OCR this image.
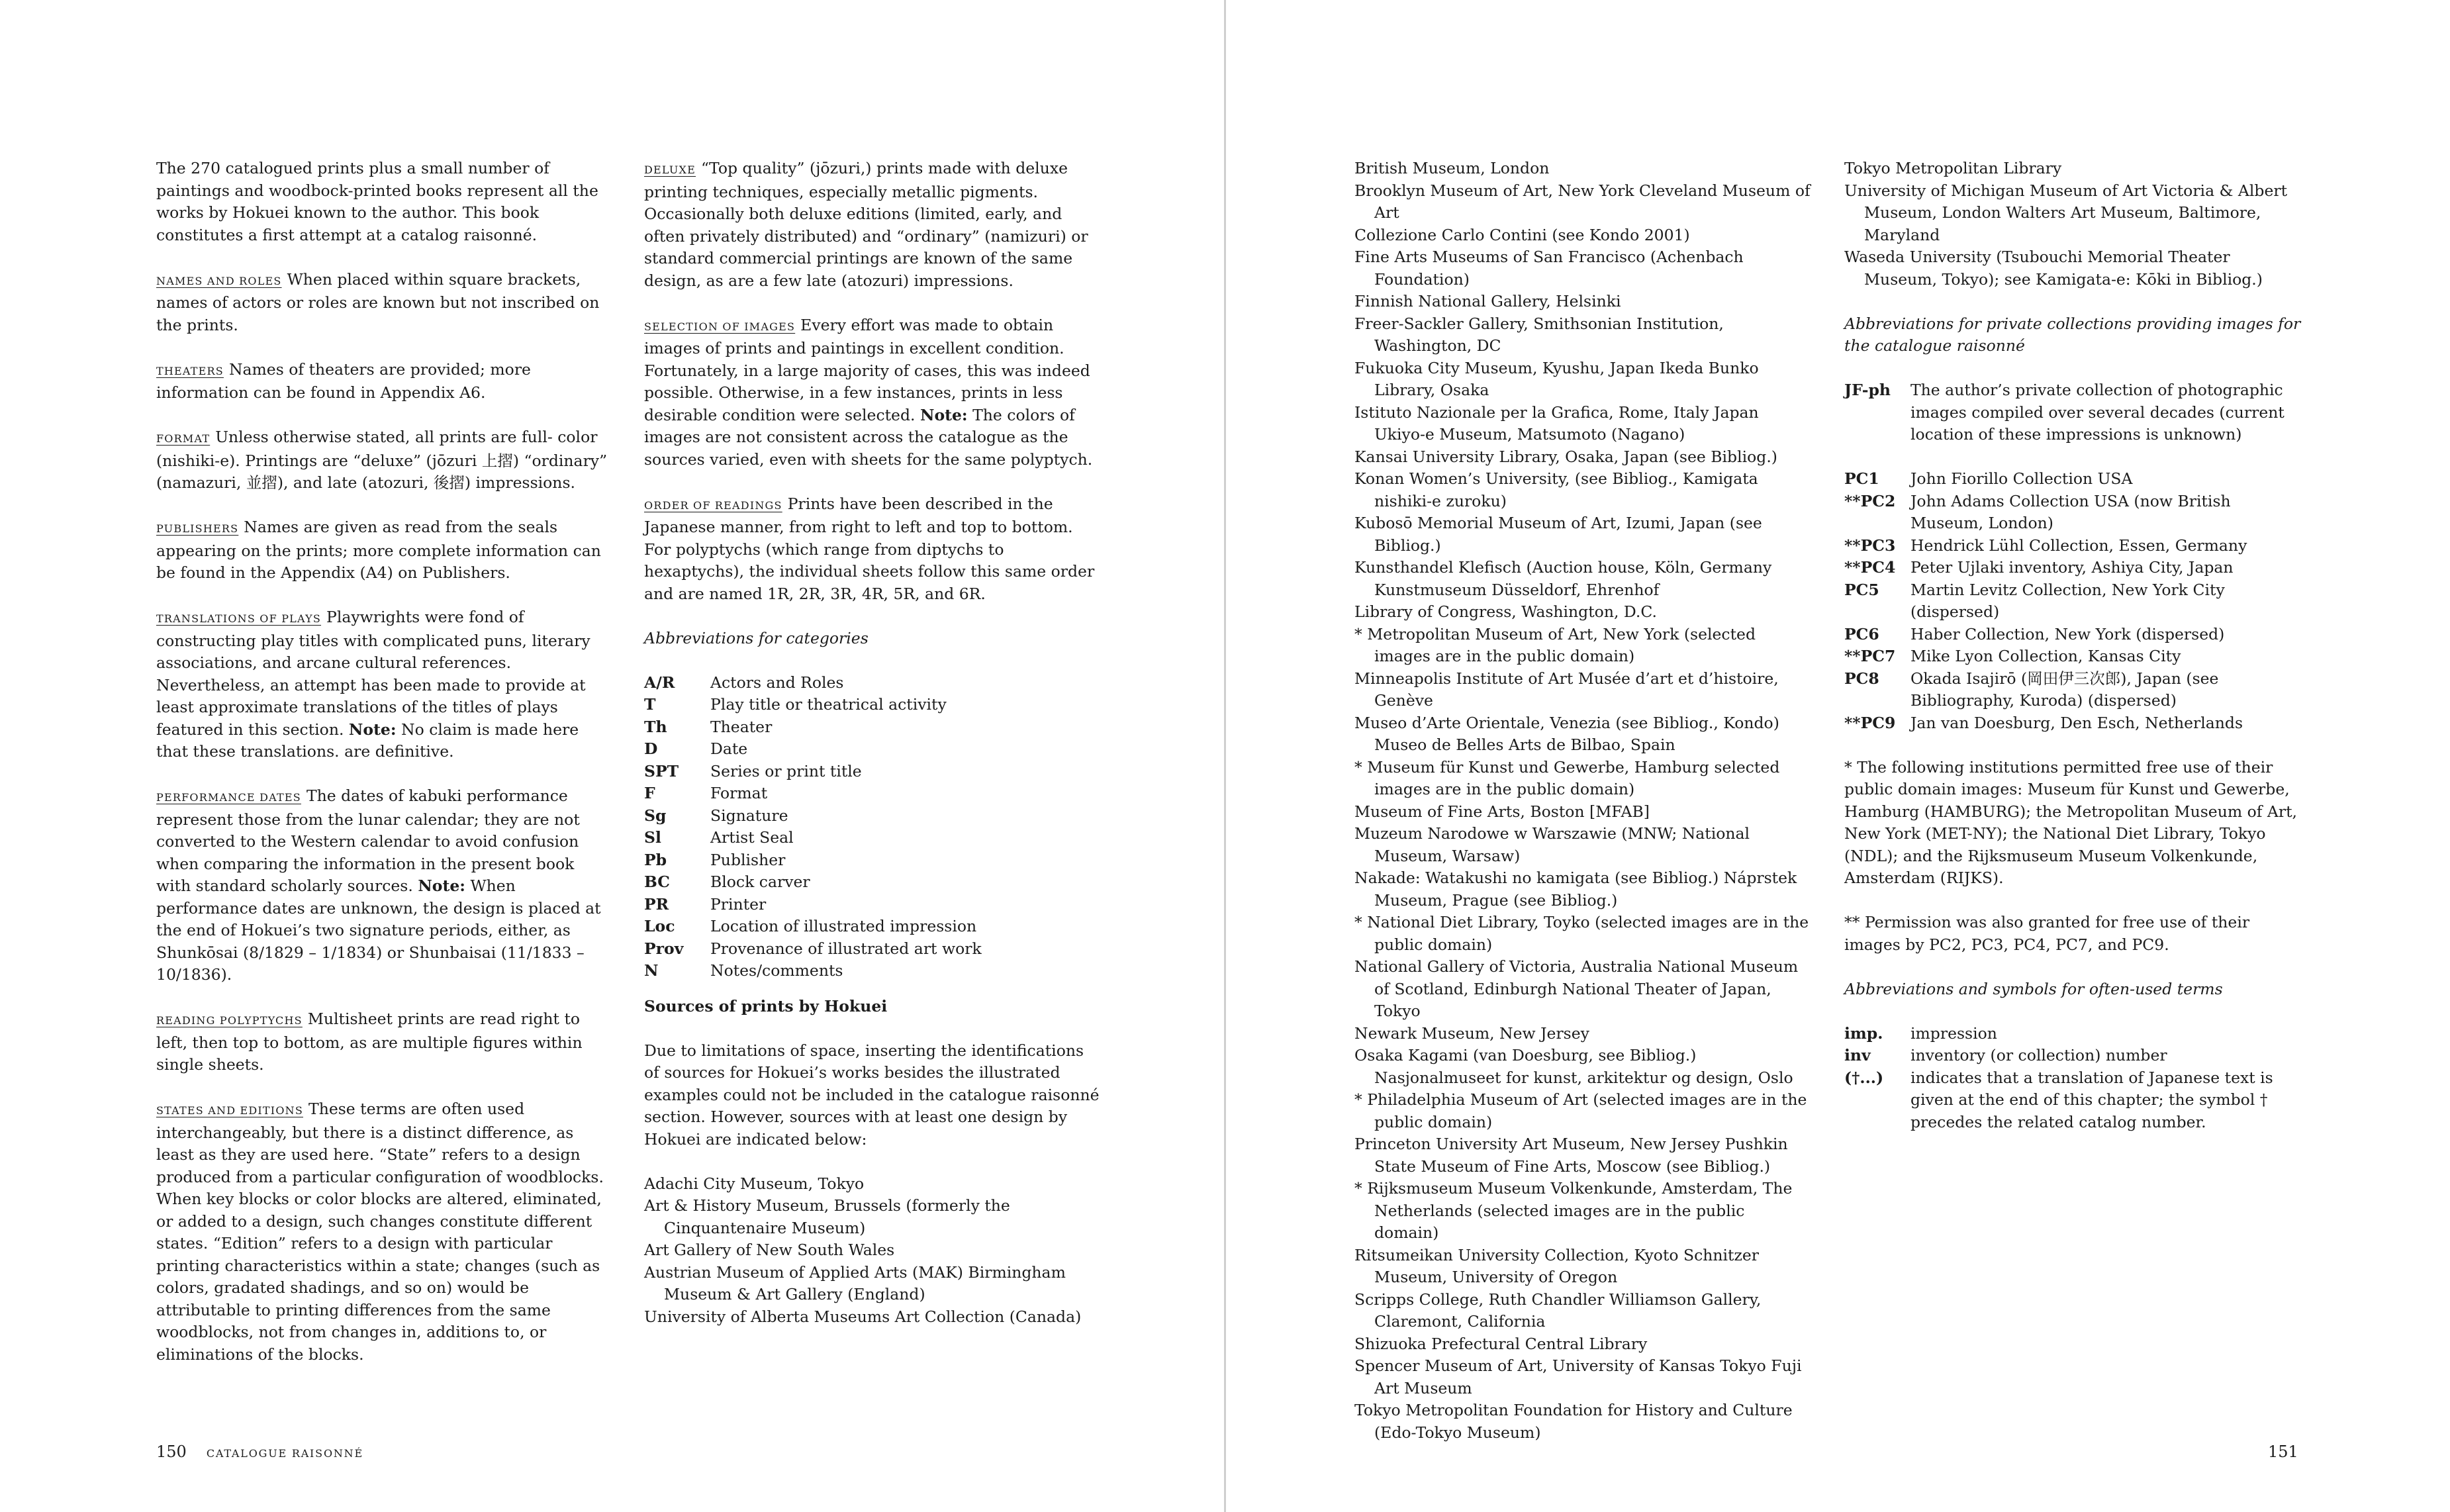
The 270 catalogued prints plus a small number of paintings and woodbock-printed books represent all the works by Hokuei known to the author. This book constitutes a first attempt at a catalog raisonné.

NAMES AND ROLES When placed within square brackets, names of actors or roles are known but not inscribed on the prints.

THEATERS Names of theaters are provided; more information can be found in Appendix A6.

FORMAT Unless otherwise stated, all prints are full- color (nishiki-e). Printings are “deluxe” (jōzuri 上摺) “ordinary” (namazuri, 並摺), and late (atozuri, 後摺) impressions.

PUBLISHERS Names are given as read from the seals appearing on the prints; more complete information can be found in the Appendix (A4) on Publishers.

TRANSLATIONS OF PLAYS Playwrights were fond of constructing play titles with complicated puns, literary associations, and arcane cultural references. Nevertheless, an attempt has been made to provide at least approximate translations of the titles of plays featured in this section. Note: No claim is made here that these translations. are definitive.

PERFORMANCE DATES The dates of kabuki performance represent those from the lunar calendar; they are not converted to the Western calendar to avoid confusion when comparing the information in the present book with standard scholarly sources. Note: When performance dates are unknown, the design is placed at the end of Hokuei’s two signature periods, either, as Shunkōsai (8/1829 – 1/1834) or Shunbaisai (11/1833 – 10/1836).

READING POLYPTYCHS Multisheet prints are read right to left, then top to bottom, as are multiple figures within single sheets.

STATES AND EDITIONS These terms are often used interchangeably, but there is a distinct difference, as least as they are used here. “State” refers to a design produced from a particular configuration of woodblocks. When key blocks or color blocks are altered, eliminated, or added to a design, such changes constitute different states. “Edition” refers to a design with particular printing characteristics within a state; changes (such as colors, gradated shadings, and so on) would be attributable to printing differences from the same woodblocks, not from changes in, additions to, or eliminations of the blocks.

DELUXE “Top quality” (jōzuri,) prints made with deluxe printing techniques, especially metallic pigments. Occasionally both deluxe editions (limited, early, and often privately distributed) and “ordinary” (namizuri) or standard commercial printings are known of the same design, as are a few late (atozuri) impressions.

SELECTION OF IMAGES Every effort was made to obtain images of prints and paintings in excellent condition. Fortunately, in a large majority of cases, this was indeed possible. Otherwise, in a few instances, prints in less desirable condition were selected. Note: The colors of images are not consistent across the catalogue as the sources varied, even with sheets for the same polyptych.

ORDER OF READINGS Prints have been described in the Japanese manner, from right to left and top to bottom. For polyptychs (which range from diptychs to hexaptychs), the individual sheets follow this same order and are named 1R, 2R, 3R, 4R, 5R, and 6R.

Abbreviations for categories

A/R	Actors and Roles
T	Play title or theatrical activity
Th	Theater
D	Date
SPT	Series or print title
F	Format
Sg	Signature
Sl	Artist Seal
Pb	Publisher
BC	Block carver
PR	Printer
Loc	Location of illustrated impression
Prov	Provenance of illustrated art work
N	Notes/comments

Sources of prints by Hokuei

Due to limitations of space, inserting the identifications of sources for Hokuei’s works besides the illustrated examples could not be included in the catalogue raisonné section. However, sources with at least one design by Hokuei are indicated below:

Adachi City Museum, Tokyo
Art & History Museum, Brussels (formerly the Cinquantenaire Museum)
Art Gallery of New South Wales
Austrian Museum of Applied Arts (MAK) Birmingham Museum & Art Gallery (England)
University of Alberta Museums Art Collection (Canada)
British Museum, London
Brooklyn Museum of Art, New York Cleveland Museum of Art
Collezione Carlo Contini (see Kondo 2001)
Fine Arts Museums of San Francisco (Achenbach Foundation)
Finnish National Gallery, Helsinki
Freer-Sackler Gallery, Smithsonian Institution, Washington, DC
Fukuoka City Museum, Kyushu, Japan Ikeda Bunko Library, Osaka
Istituto Nazionale per la Grafica, Rome, Italy Japan Ukiyo-e Museum, Matsumoto (Nagano)
Kansai University Library, Osaka, Japan (see Bibliog.)
Konan Women’s University, (see Bibliog., Kamigata nishiki-e zuroku)
Kubosō Memorial Museum of Art, Izumi, Japan (see Bibliog.)
Kunsthandel Klefisch (Auction house, Köln, Germany Kunstmuseum Düsseldorf, Ehrenhof
Library of Congress, Washington, D.C.
* Metropolitan Museum of Art, New York (selected images are in the public domain)
Minneapolis Institute of Art Musée d’art et d’histoire, Genève
Museo d’Arte Orientale, Venezia (see Bibliog., Kondo) Museo de Belles Arts de Bilbao, Spain
* Museum für Kunst und Gewerbe, Hamburg selected images are in the public domain)
Museum of Fine Arts, Boston [MFAB]
Muzeum Narodowe w Warszawie (MNW; National Museum, Warsaw)
Nakade: Watakushi no kamigata (see Bibliog.) Náprstek Museum, Prague (see Bibliog.)
* National Diet Library, Toyko (selected images are in the public domain)
National Gallery of Victoria, Australia National Museum of Scotland, Edinburgh National Theater of Japan, Tokyo
Newark Museum, New Jersey
Osaka Kagami (van Doesburg, see Bibliog.) Nasjonalmuseet for kunst, arkitektur og design, Oslo
* Philadelphia Museum of Art (selected images are in the public domain)
Princeton University Art Museum, New Jersey Pushkin State Museum of Fine Arts, Moscow (see Bibliog.)
* Rijksmuseum Museum Volkenkunde, Amsterdam, The Netherlands (selected images are in the public domain)
Ritsumeikan University Collection, Kyoto Schnitzer Museum, University of Oregon
Scripps College, Ruth Chandler Williamson Gallery, Claremont, California
Shizuoka Prefectural Central Library
Spencer Museum of Art, University of Kansas Tokyo Fuji Art Museum
Tokyo Metropolitan Foundation for History and Culture (Edo-Tokyo Museum)
Tokyo Metropolitan Library
University of Michigan Museum of Art Victoria & Albert Museum, London Walters Art Museum, Baltimore, Maryland
Waseda University (Tsubouchi Memorial Theater Museum, Tokyo); see Kamigata-e: Kōki in Bibliog.)

Abbreviations for private collections providing images for the catalogue raisonné

JF-ph	The author’s private collection of photographic images compiled over several decades (current location of these impressions is unknown)
PC1	John Fiorillo Collection USA
**PC2 John Adams Collection USA (now British Museum, London)
**PC3 Hendrick Lühl Collection, Essen, Germany
**PC4 Peter Ujlaki inventory, Ashiya City, Japan
PC5	Martin Levitz Collection, New York City (dispersed)
PC6	Haber Collection, New York (dispersed)
**PC7 Mike Lyon Collection, Kansas City
PC8	Okada Isajirō (岡田伊三次郎), Japan (see Bibliography, Kuroda) (dispersed)
**PC9 Jan van Doesburg, Den Esch, Netherlands

* The following institutions permitted free use of their public domain images: Museum für Kunst und Gewerbe, Hamburg (HAMBURG); the Metropolitan Museum of Art, New York (MET-NY); the National Diet Library, Tokyo (NDL); and the Rijksmuseum Museum Volkenkunde, Amsterdam (RIJKS).

** Permission was also granted for free use of their images by PC2, PC3, PC4, PC7, and PC9.

Abbreviations and symbols for often-used terms

imp.	impression
inv	inventory (or collection) number
(†...)	indicates that a translation of Japanese text is given at the end of this chapter; the symbol † precedes the related catalog number.
150 CATALOGUE RAISONNÉ	151
